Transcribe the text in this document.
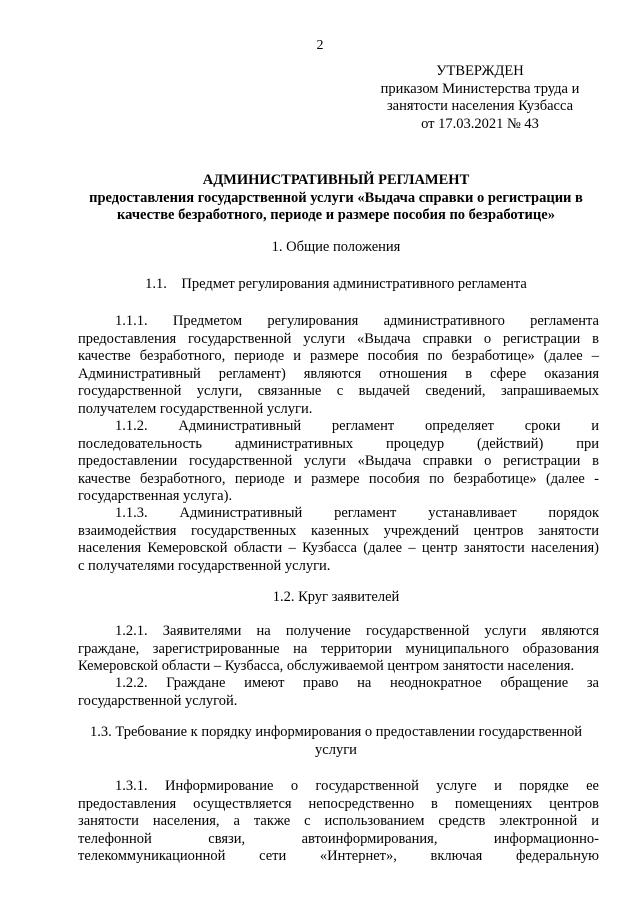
2
УТВЕРЖДЕН
приказом Министерства труда и
занятости населения Кузбасса
от 17.03.2021 № 43
АДМИНИСТРАТИВНЫЙ РЕГЛАМЕНТ
предоставления государственной услуги «Выдача справки о регистрации в
качестве безработного, периоде и размере пособия по безработице»
1. Общие положения
1.1.    Предмет регулирования административного регламента
1.1.1. Предметом регулирования административного регламента
предоставления государственной услуги «Выдача справки о регистрации в
качестве безработного, периоде и размере пособия по безработице» (далее –
Административный регламент) являются отношения в сфере оказания
государственной услуги, связанные с выдачей сведений, запрашиваемых
получателем государственной услуги.
1.1.2. Административный регламент определяет сроки и
последовательность административных процедур (действий) при
предоставлении государственной услуги «Выдача справки о регистрации в
качестве безработного, периоде и размере пособия по безработице» (далее -
государственная услуга).
1.1.3. Административный регламент устанавливает порядок
взаимодействия государственных казенных учреждений центров занятости
населения Кемеровской области – Кузбасса (далее – центр занятости населения)
с получателями государственной услуги.
1.2. Круг заявителей
1.2.1. Заявителями на получение государственной услуги являются
граждане, зарегистрированные на территории муниципального образования
Кемеровской области – Кузбасса, обслуживаемой центром занятости населения.
1.2.2. Граждане имеют право на неоднократное обращение за
государственной услугой.
1.3. Требование к порядку информирования о предоставлении государственной
услуги
1.3.1. Информирование о государственной услуге и порядке ее
предоставления осуществляется непосредственно в помещениях центров
занятости населения, а также с использованием средств электронной и
телефонной связи, автоинформирования, информационно-
телекоммуникационной сети «Интернет», включая федеральную
